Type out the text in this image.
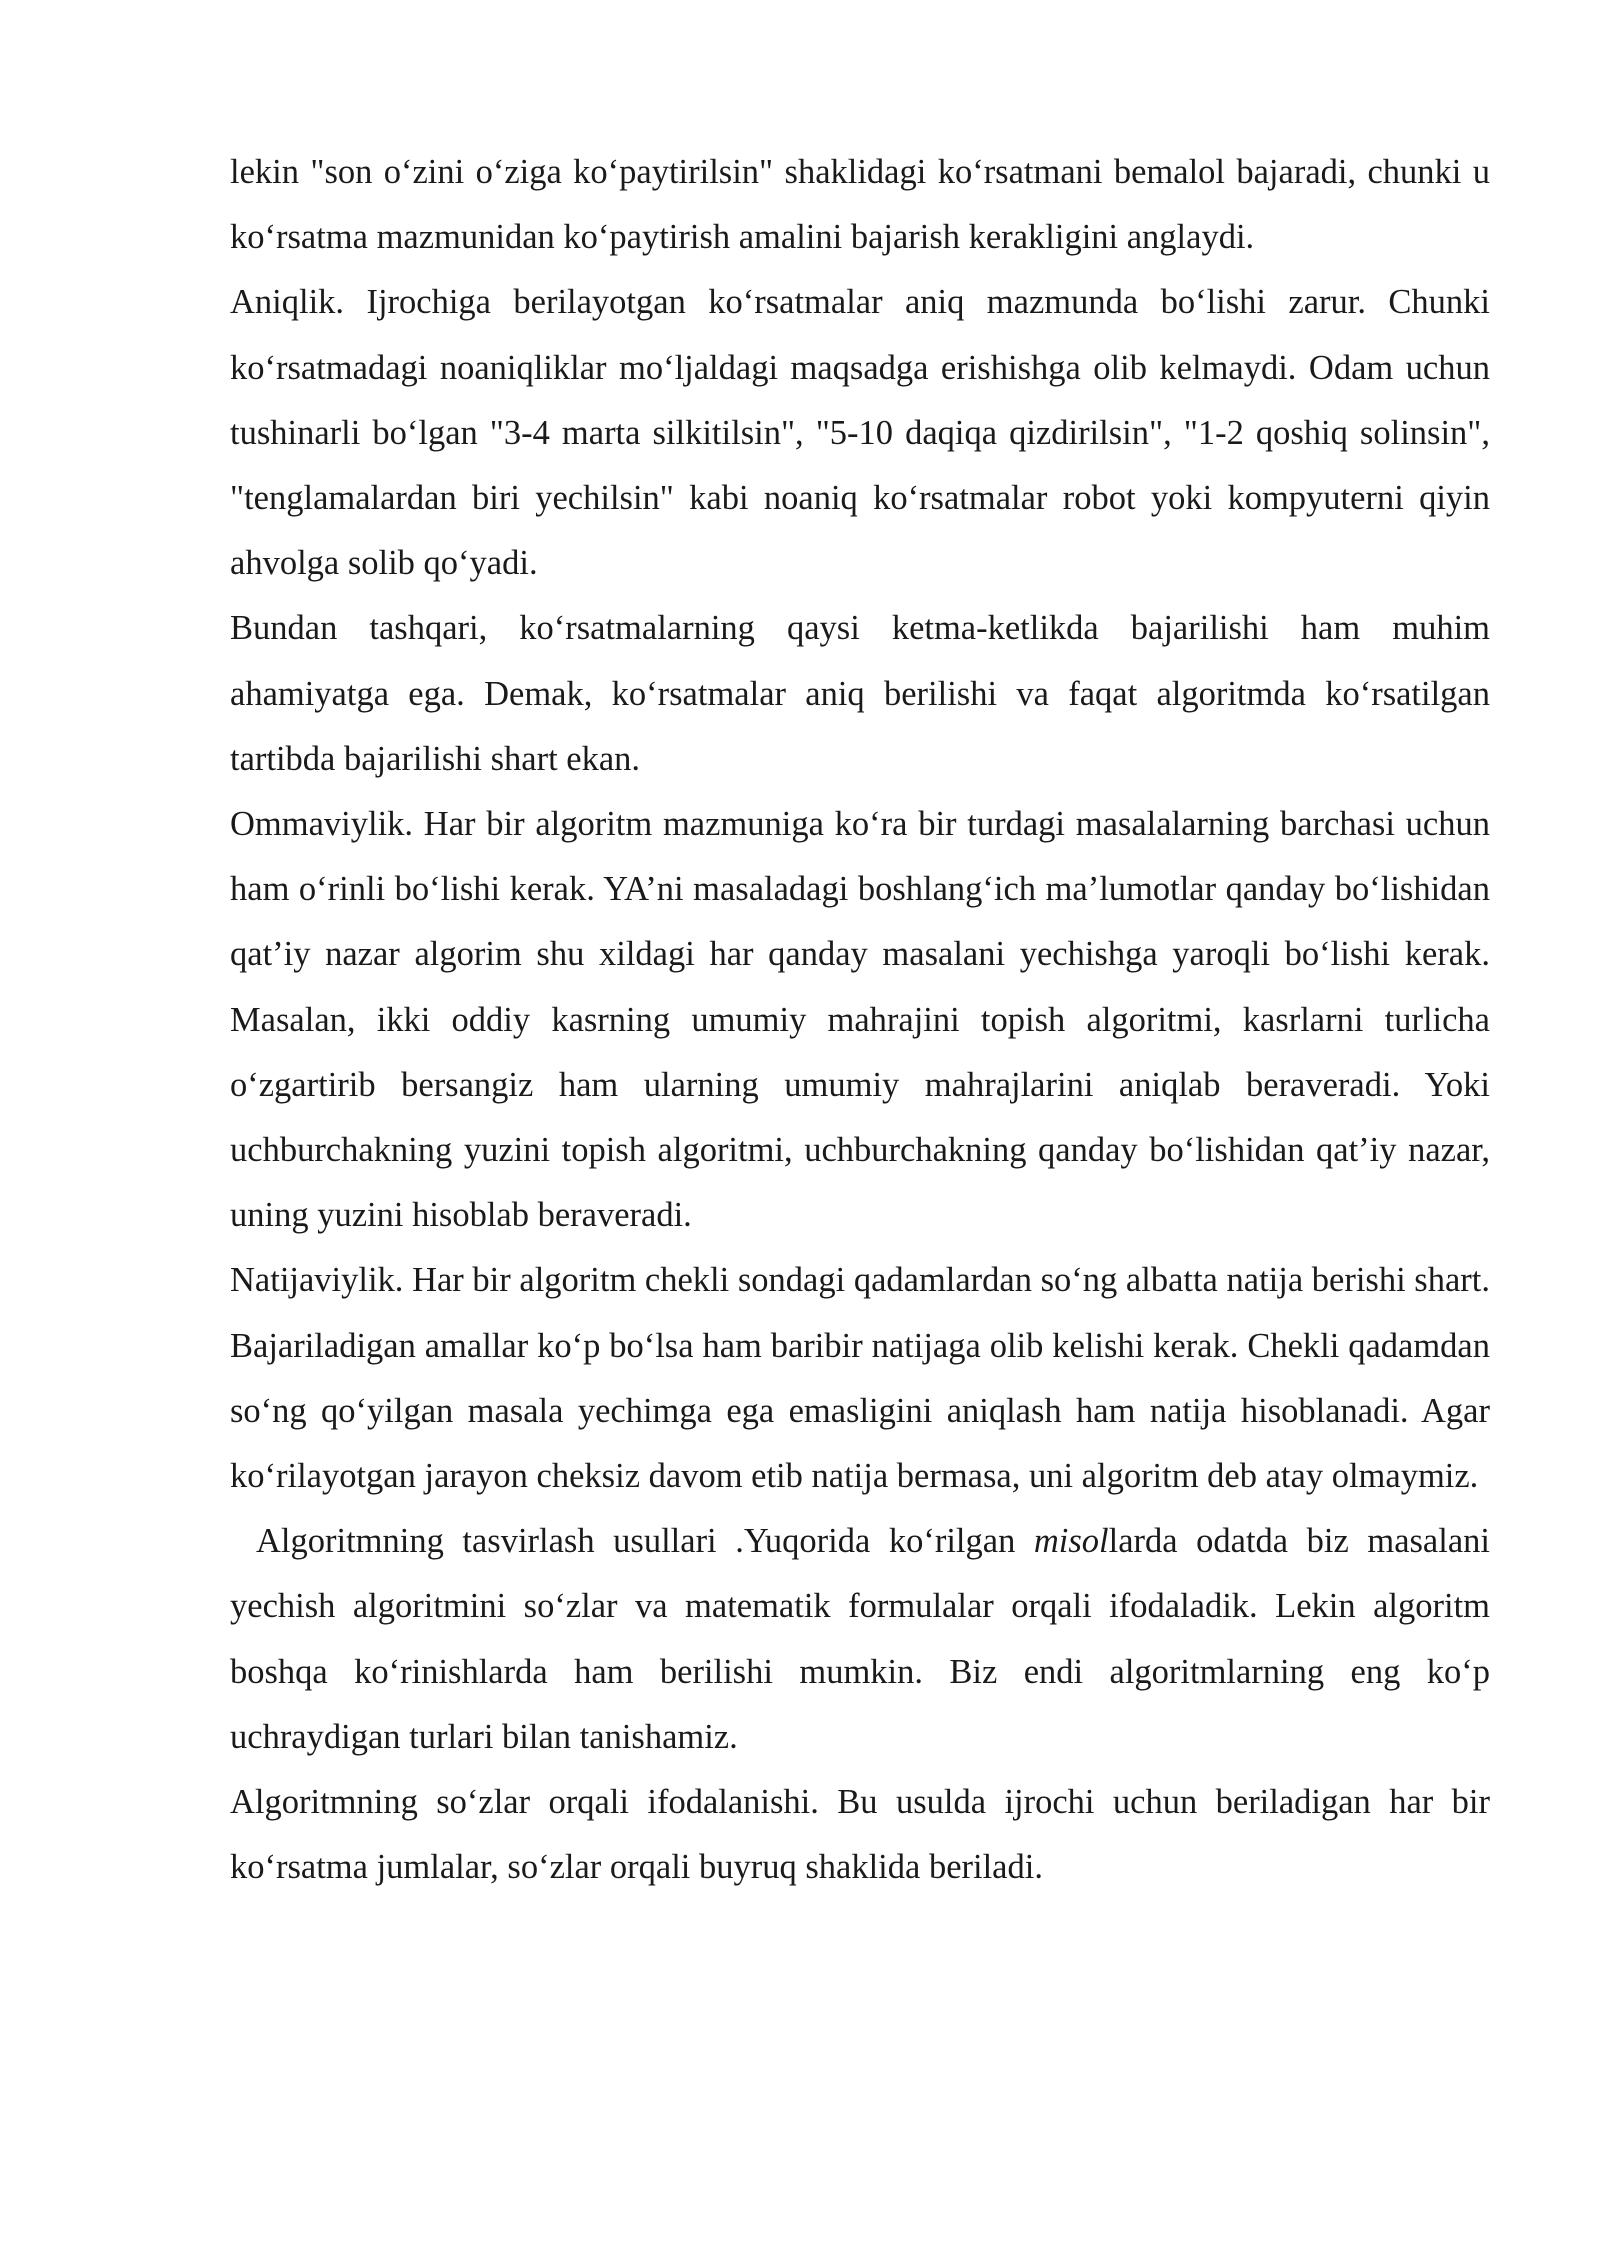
lekin "son o‘zini o‘ziga ko‘paytirilsin" shaklidagi ko‘rsatmani bemalol bajaradi, chunki u ko‘rsatma mazmunidan ko‘paytirish amalini bajarish kerakligini anglaydi.

Aniqlik. Ijrochiga berilayotgan ko‘rsatmalar aniq mazmunda bo‘lishi zarur. Chunki ko‘rsatmadagi noaniqliklar mo‘ljaldagi maqsadga erishishga olib kelmaydi. Odam uchun tushinarli bo‘lgan "3-4 marta silkitilsin", "5-10 daqiqa qizdirilsin", "1-2 qoshiq solinsin", "tenglamalardan biri yechilsin" kabi noaniq ko‘rsatmalar robot yoki kompyuterni qiyin ahvolga solib qo‘yadi.

Bundan tashqari, ko‘rsatmalarning qaysi ketma-ketlikda bajarilishi ham muhim ahamiyatga ega. Demak, ko‘rsatmalar aniq berilishi va faqat algoritmda ko‘rsatilgan tartibda bajarilishi shart ekan.

Ommaviylik. Har bir algoritm mazmuniga ko‘ra bir turdagi masalalarning barchasi uchun ham o‘rinli bo‘lishi kerak. YA’ni masaladagi boshlang‘ich ma’lumotlar qanday bo‘lishidan qat’iy nazar algorim shu xildagi har qanday masalani yechishga yaroqli bo‘lishi kerak. Masalan, ikki oddiy kasrning umumiy mahrajini topish algoritmi, kasrlarni turlicha o‘zgartirib bersangiz ham ularning umumiy mahrajlarini aniqlab beraveradi. Yoki uchburchakning yuzini topish algoritmi, uchburchakning qanday bo‘lishidan qat’iy nazar, uning yuzini hisoblab beraveradi.

Natijaviylik. Har bir algoritm chekli sondagi qadamlardan so‘ng albatta natija berishi shart. Bajariladigan amallar ko‘p bo‘lsa ham baribir natijaga olib kelishi kerak. Chekli qadamdan so‘ng qo‘yilgan masala yechimga ega emasligini aniqlash ham natija hisoblanadi. Agar ko‘rilayotgan jarayon cheksiz davom etib natija bermasa, uni algoritm deb atay olmaymiz.

Algoritmning tasvirlash usullari .Yuqorida ko‘rilgan misollarda odatda biz masalani yechish algoritmini so‘zlar va matematik formulalar orqali ifodaladik. Lekin algoritm boshqa ko‘rinishlarda ham berilishi mumkin. Biz endi algoritmlarning eng ko‘p uchraydigan turlari bilan tanishamiz.

Algoritmning so‘zlar orqali ifodalanishi. Bu usulda ijrochi uchun beriladigan har bir ko‘rsatma jumlalar, so‘zlar orqali buyruq shaklida beriladi.
